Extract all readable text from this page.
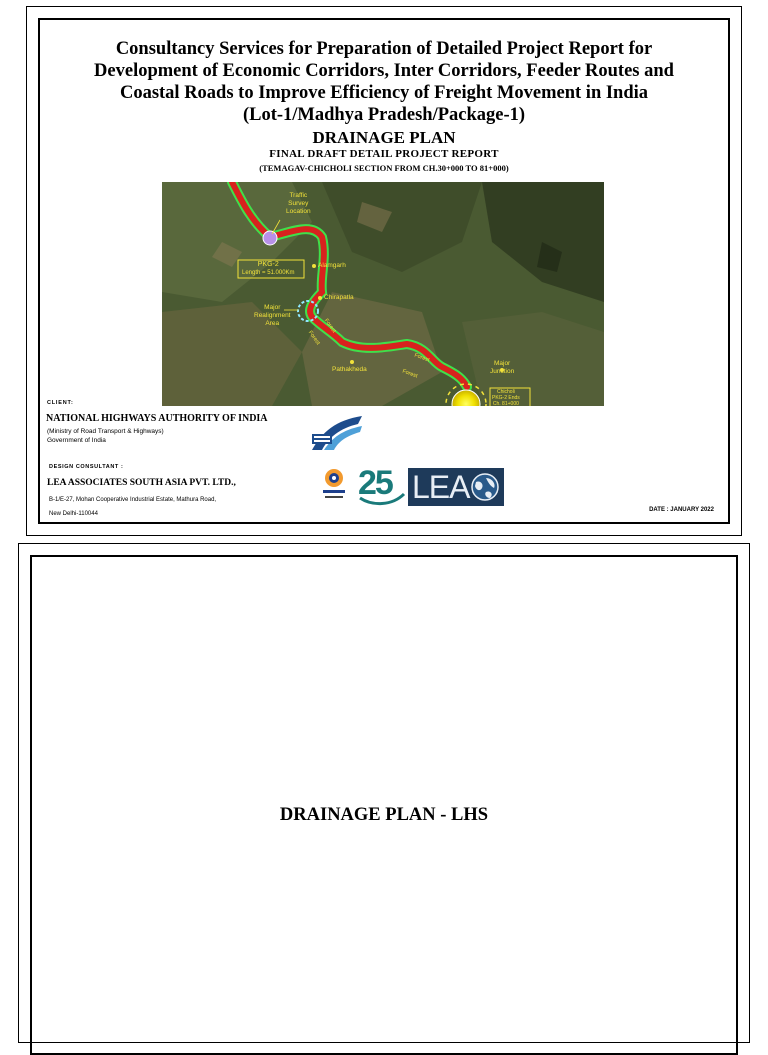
Consultancy Services for Preparation of Detailed Project Report for
Development of Economic Corridors, Inter Corridors, Feeder Routes and
Coastal Roads to Improve Efficiency of Freight Movement in India
(Lot-1/Madhya Pradesh/Package-1)
DRAINAGE PLAN
FINAL DRAFT DETAIL PROJECT REPORT
(TEMAGAV-CHICHOLI SECTION FROM CH.30+000 TO 81+000)
Traffic
Survey
Location
PKG-2
Length = 51.000Km
Alamgarh
Chirapatla
Major
Realignment
Area	Forest
Forest
Pathakheda
Forest
Forest
Major
Junction
Chicholi
PKG-2 Ends
Ch. 81+000
CLIENT:
NATIONAL HIGHWAYS AUTHORITY OF INDIA
(Ministry of Road Transport & Highways)
Government of India
DESIGN CONSULTANT :
LEA ASSOCIATES SOUTH ASIA PVT. LTD.,
B-1/E-27, Mohan Cooperative Industrial Estate, Mathura Road,
New Delhi-110044
25 LEA
DATE : JANUARY 2022
DRAINAGE PLAN - LHS
